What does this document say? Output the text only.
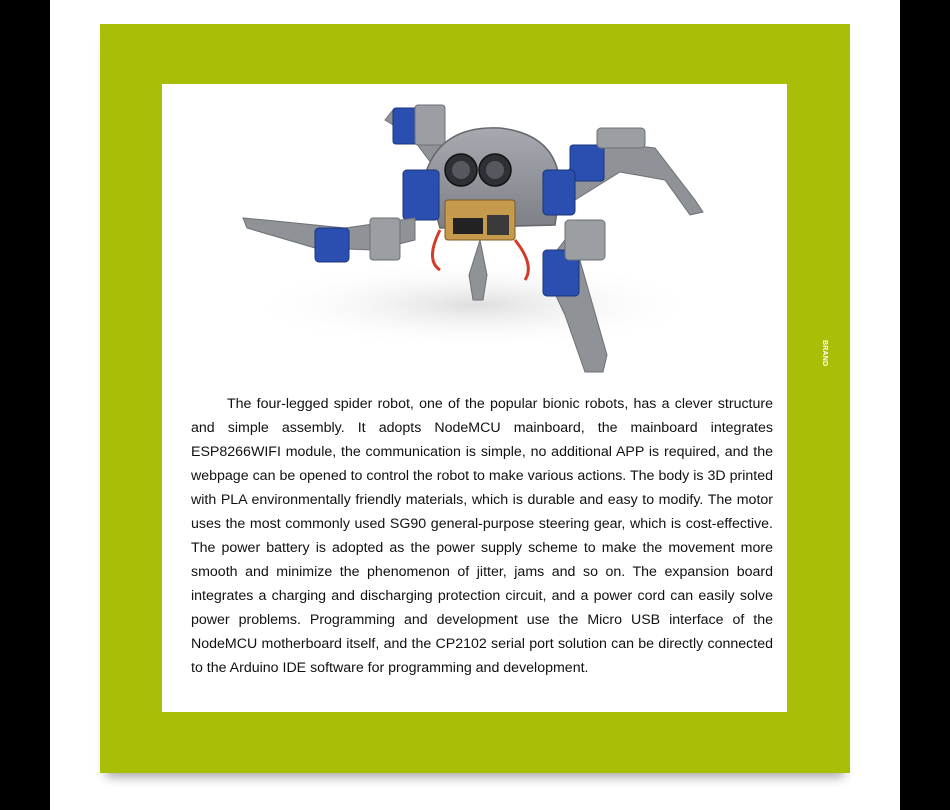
BRAND

The four-legged spider robot, one of the popular bionic robots, has a clever structure and simple assembly. It adopts NodeMCU mainboard, the mainboard integrates ESP8266WIFI module, the communication is simple, no additional APP is required, and the webpage can be opened to control the robot to make various actions. The body is 3D printed with PLA environmentally friendly materials, which is durable and easy to modify. The motor uses the most commonly used SG90 general-purpose steering gear, which is cost-effective. The power battery is adopted as the power supply scheme to make the movement more smooth and minimize the phenomenon of jitter, jams and so on. The expansion board integrates a charging and discharging protection circuit, and a power cord can easily solve power problems. Programming and development use the Micro USB interface of the NodeMCU motherboard itself, and the CP2102 serial port solution can be directly connected to the Arduino IDE software for programming and development.
